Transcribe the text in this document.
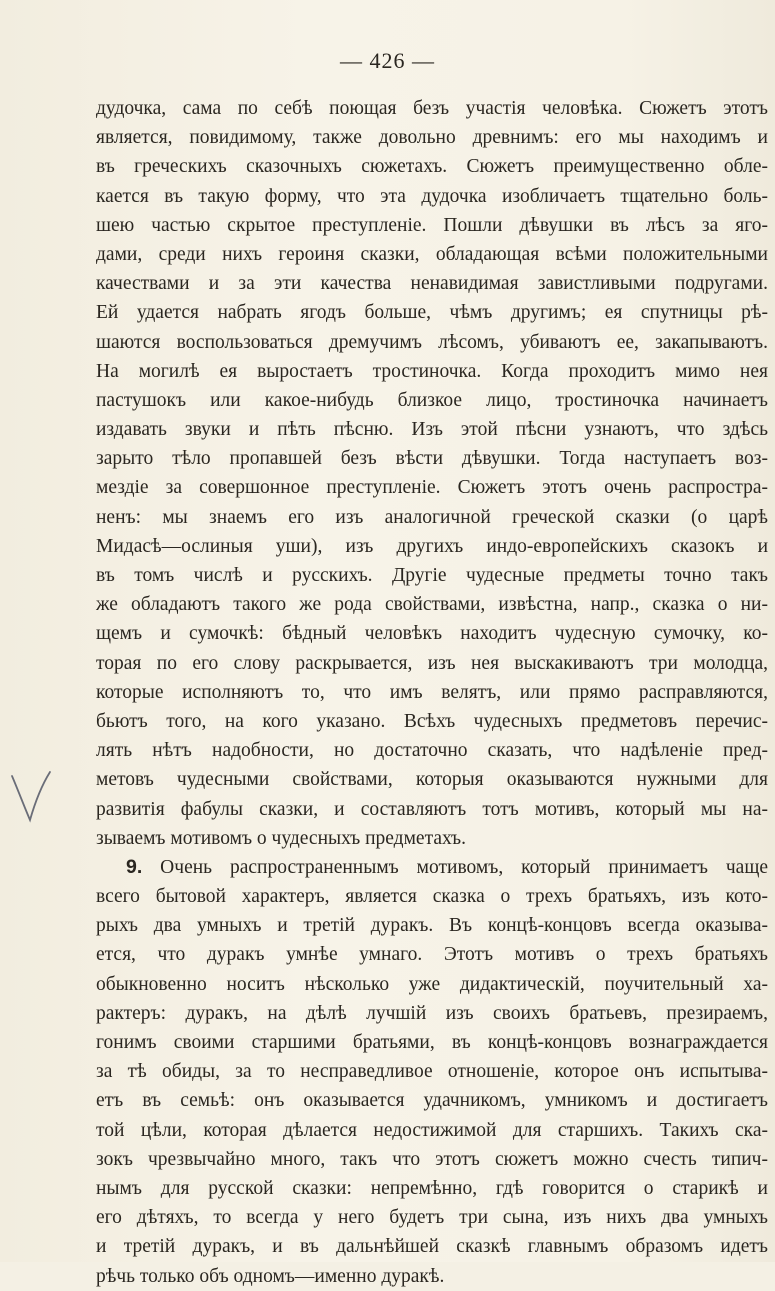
— 426 —
дудочка, сама по себѣ поющая безъ участія человѣка. Сюжетъ этотъ
является, повидимому, также довольно древнимъ: его мы находимъ и
въ греческихъ сказочныхъ сюжетахъ. Сюжетъ преимущественно обле-
кается въ такую форму, что эта дудочка изобличаетъ тщательно боль-
шею частью скрытое преступленіе. Пошли дѣвушки въ лѣсъ за яго-
дами, среди нихъ героиня сказки, обладающая всѣми положительными
качествами и за эти качества ненавидимая завистливыми подругами.
Ей удается набрать ягодъ больше, чѣмъ другимъ; ея спутницы рѣ-
шаются воспользоваться дремучимъ лѣсомъ, убиваютъ ее, закапываютъ.
На могилѣ ея выростаетъ тростиночка. Когда проходитъ мимо нея
пастушокъ или какое-нибудь близкое лицо, тростиночка начинаетъ
издавать звуки и пѣть пѣсню. Изъ этой пѣсни узнаютъ, что здѣсь
зарыто тѣло пропавшей безъ вѣсти дѣвушки. Тогда наступаетъ воз-
мездіе за совершонное преступленіе. Сюжетъ этотъ очень распростра-
ненъ: мы знаемъ его изъ аналогичной греческой сказки (о царѣ
Мидасѣ—ослиныя уши), изъ другихъ индо-европейскихъ сказокъ и
въ томъ числѣ и русскихъ. Другіе чудесные предметы точно такъ
же обладаютъ такого же рода свойствами, извѣстна, напр., сказка о ни-
щемъ и сумочкѣ: бѣдный человѣкъ находитъ чудесную сумочку, ко-
торая по его слову раскрывается, изъ нея выскакиваютъ три молодца,
которые исполняютъ то, что имъ велятъ, или прямо расправляются,
бьютъ того, на кого указано. Всѣхъ чудесныхъ предметовъ перечис-
лять нѣтъ надобности, но достаточно сказать, что надѣленіе пред-
метовъ чудесными свойствами, которыя оказываются нужными для
развитія фабулы сказки, и составляютъ тотъ мотивъ, который мы на-
зываемъ мотивомъ о чудесныхъ предметахъ.
9. Очень распространеннымъ мотивомъ, который принимаетъ чаще
всего бытовой характеръ, является сказка о трехъ братьяхъ, изъ кото-
рыхъ два умныхъ и третій дуракъ. Въ концѣ-концовъ всегда оказыва-
ется, что дуракъ умнѣе умнаго. Этотъ мотивъ о трехъ братьяхъ
обыкновенно носитъ нѣсколько уже дидактическій, поучительный ха-
рактеръ: дуракъ, на дѣлѣ лучшій изъ своихъ братьевъ, презираемъ,
гонимъ своими старшими братьями, въ концѣ-концовъ вознаграждается
за тѣ обиды, за то несправедливое отношеніе, которое онъ испытыва-
етъ въ семьѣ: онъ оказывается удачникомъ, умникомъ и достигаетъ
той цѣли, которая дѣлается недостижимой для старшихъ. Такихъ ска-
зокъ чрезвычайно много, такъ что этотъ сюжетъ можно счесть типич-
нымъ для русской сказки: непремѣнно, гдѣ говорится о старикѣ и
его дѣтяхъ, то всегда у него будетъ три сына, изъ нихъ два умныхъ
и третій дуракъ, и въ дальнѣйшей сказкѣ главнымъ образомъ идетъ
рѣчь только объ одномъ—именно дуракѣ.
